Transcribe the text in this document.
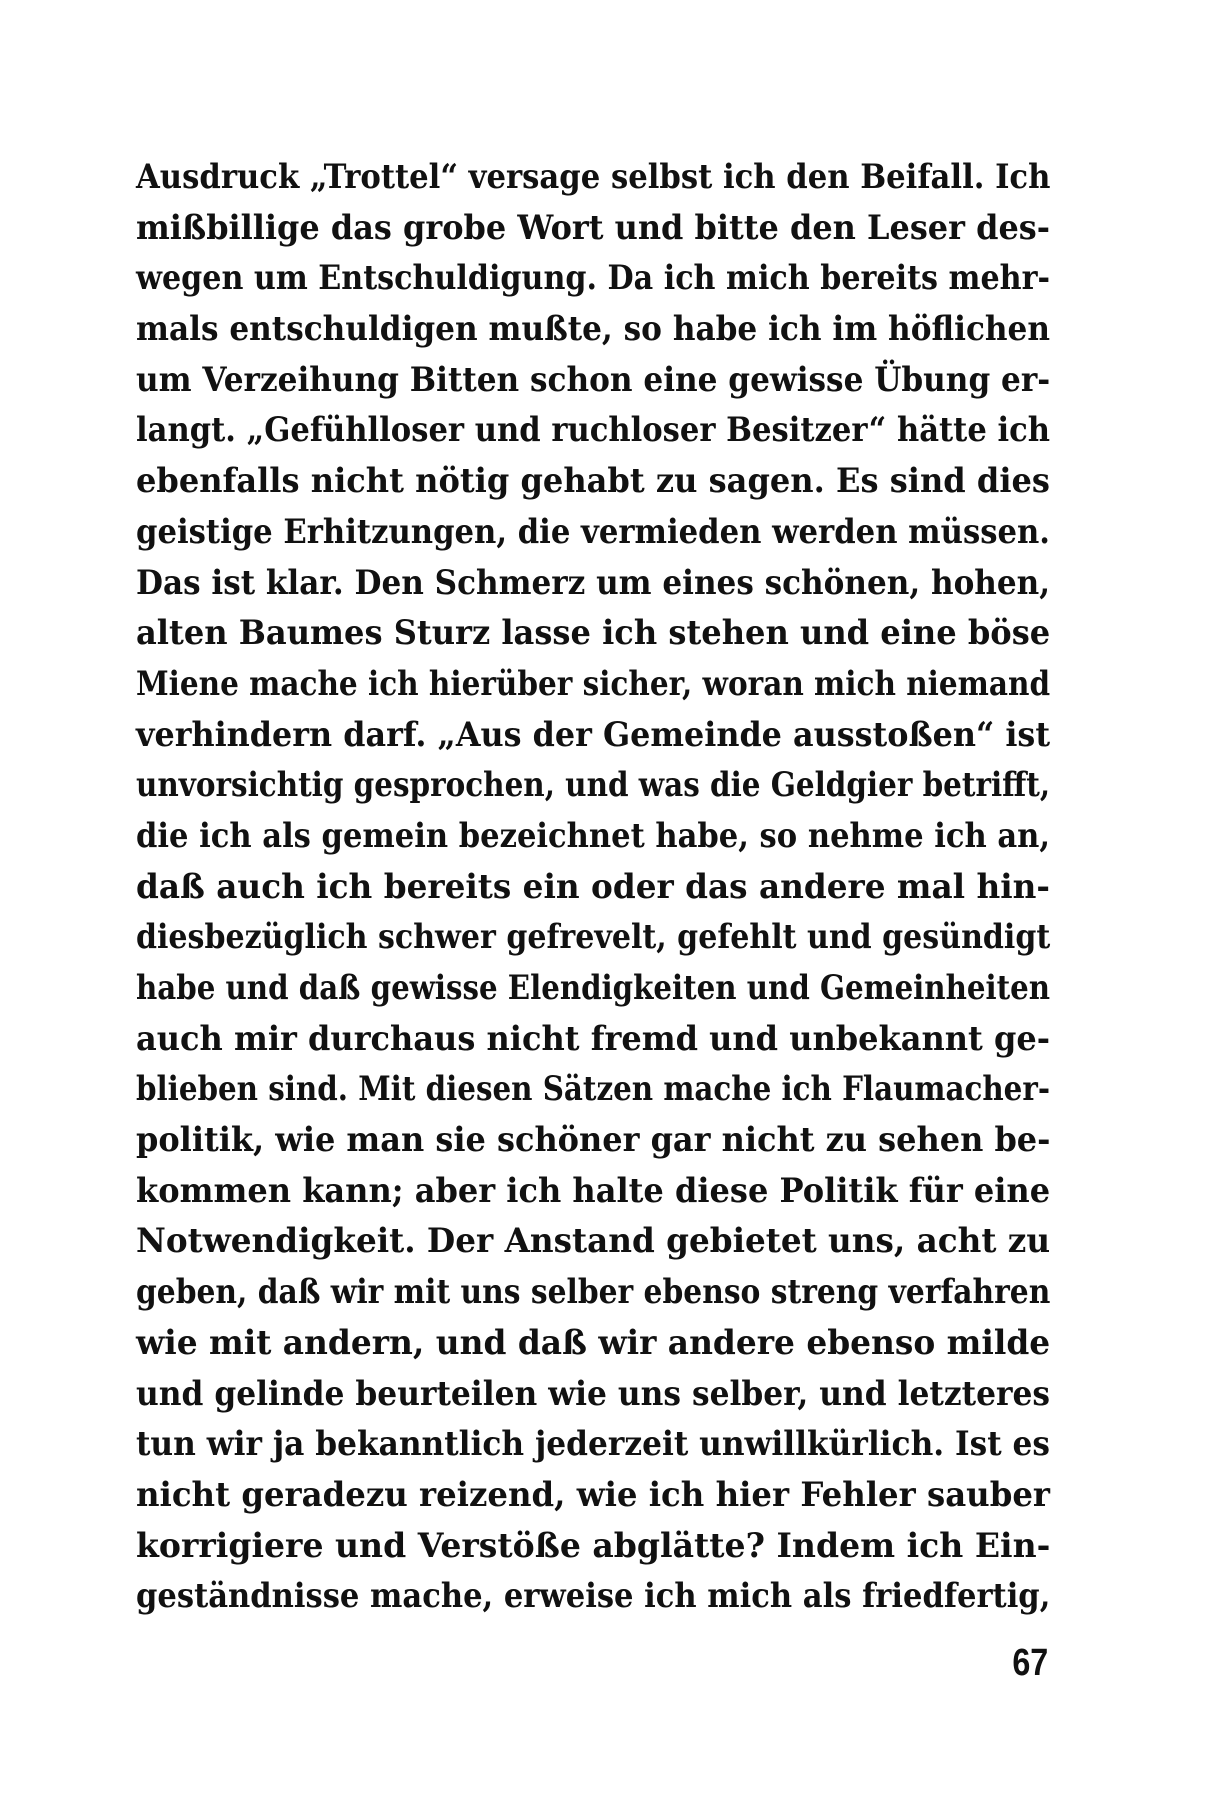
Ausdruck „Trottel“ versage selbst ich den Beifall. Ich
mißbillige das grobe Wort und bitte den Leser des-
wegen um Entschuldigung. Da ich mich bereits mehr-
mals entschuldigen mußte, so habe ich im höflichen
um Verzeihung Bitten schon eine gewisse Übung er-
langt. „Gefühlloser und ruchloser Besitzer“ hätte ich
ebenfalls nicht nötig gehabt zu sagen. Es sind dies
geistige Erhitzungen, die vermieden werden müssen.
Das ist klar. Den Schmerz um eines schönen, hohen,
alten Baumes Sturz lasse ich stehen und eine böse
Miene mache ich hierüber sicher, woran mich niemand
verhindern darf. „Aus der Gemeinde ausstoßen“ ist
unvorsichtig gesprochen, und was die Geldgier betrifft,
die ich als gemein bezeichnet habe, so nehme ich an,
daß auch ich bereits ein oder das andere mal hin-
diesbezüglich schwer gefrevelt, gefehlt und gesündigt
habe und daß gewisse Elendigkeiten und Gemeinheiten
auch mir durchaus nicht fremd und unbekannt ge-
blieben sind. Mit diesen Sätzen mache ich Flaumacher-
politik, wie man sie schöner gar nicht zu sehen be-
kommen kann; aber ich halte diese Politik für eine
Notwendigkeit. Der Anstand gebietet uns, acht zu
geben, daß wir mit uns selber ebenso streng verfahren
wie mit andern, und daß wir andere ebenso milde
und gelinde beurteilen wie uns selber, und letzteres
tun wir ja bekanntlich jederzeit unwillkürlich. Ist es
nicht geradezu reizend, wie ich hier Fehler sauber
korrigiere und Verstöße abglätte? Indem ich Ein-
geständnisse mache, erweise ich mich als friedfertig,
67
